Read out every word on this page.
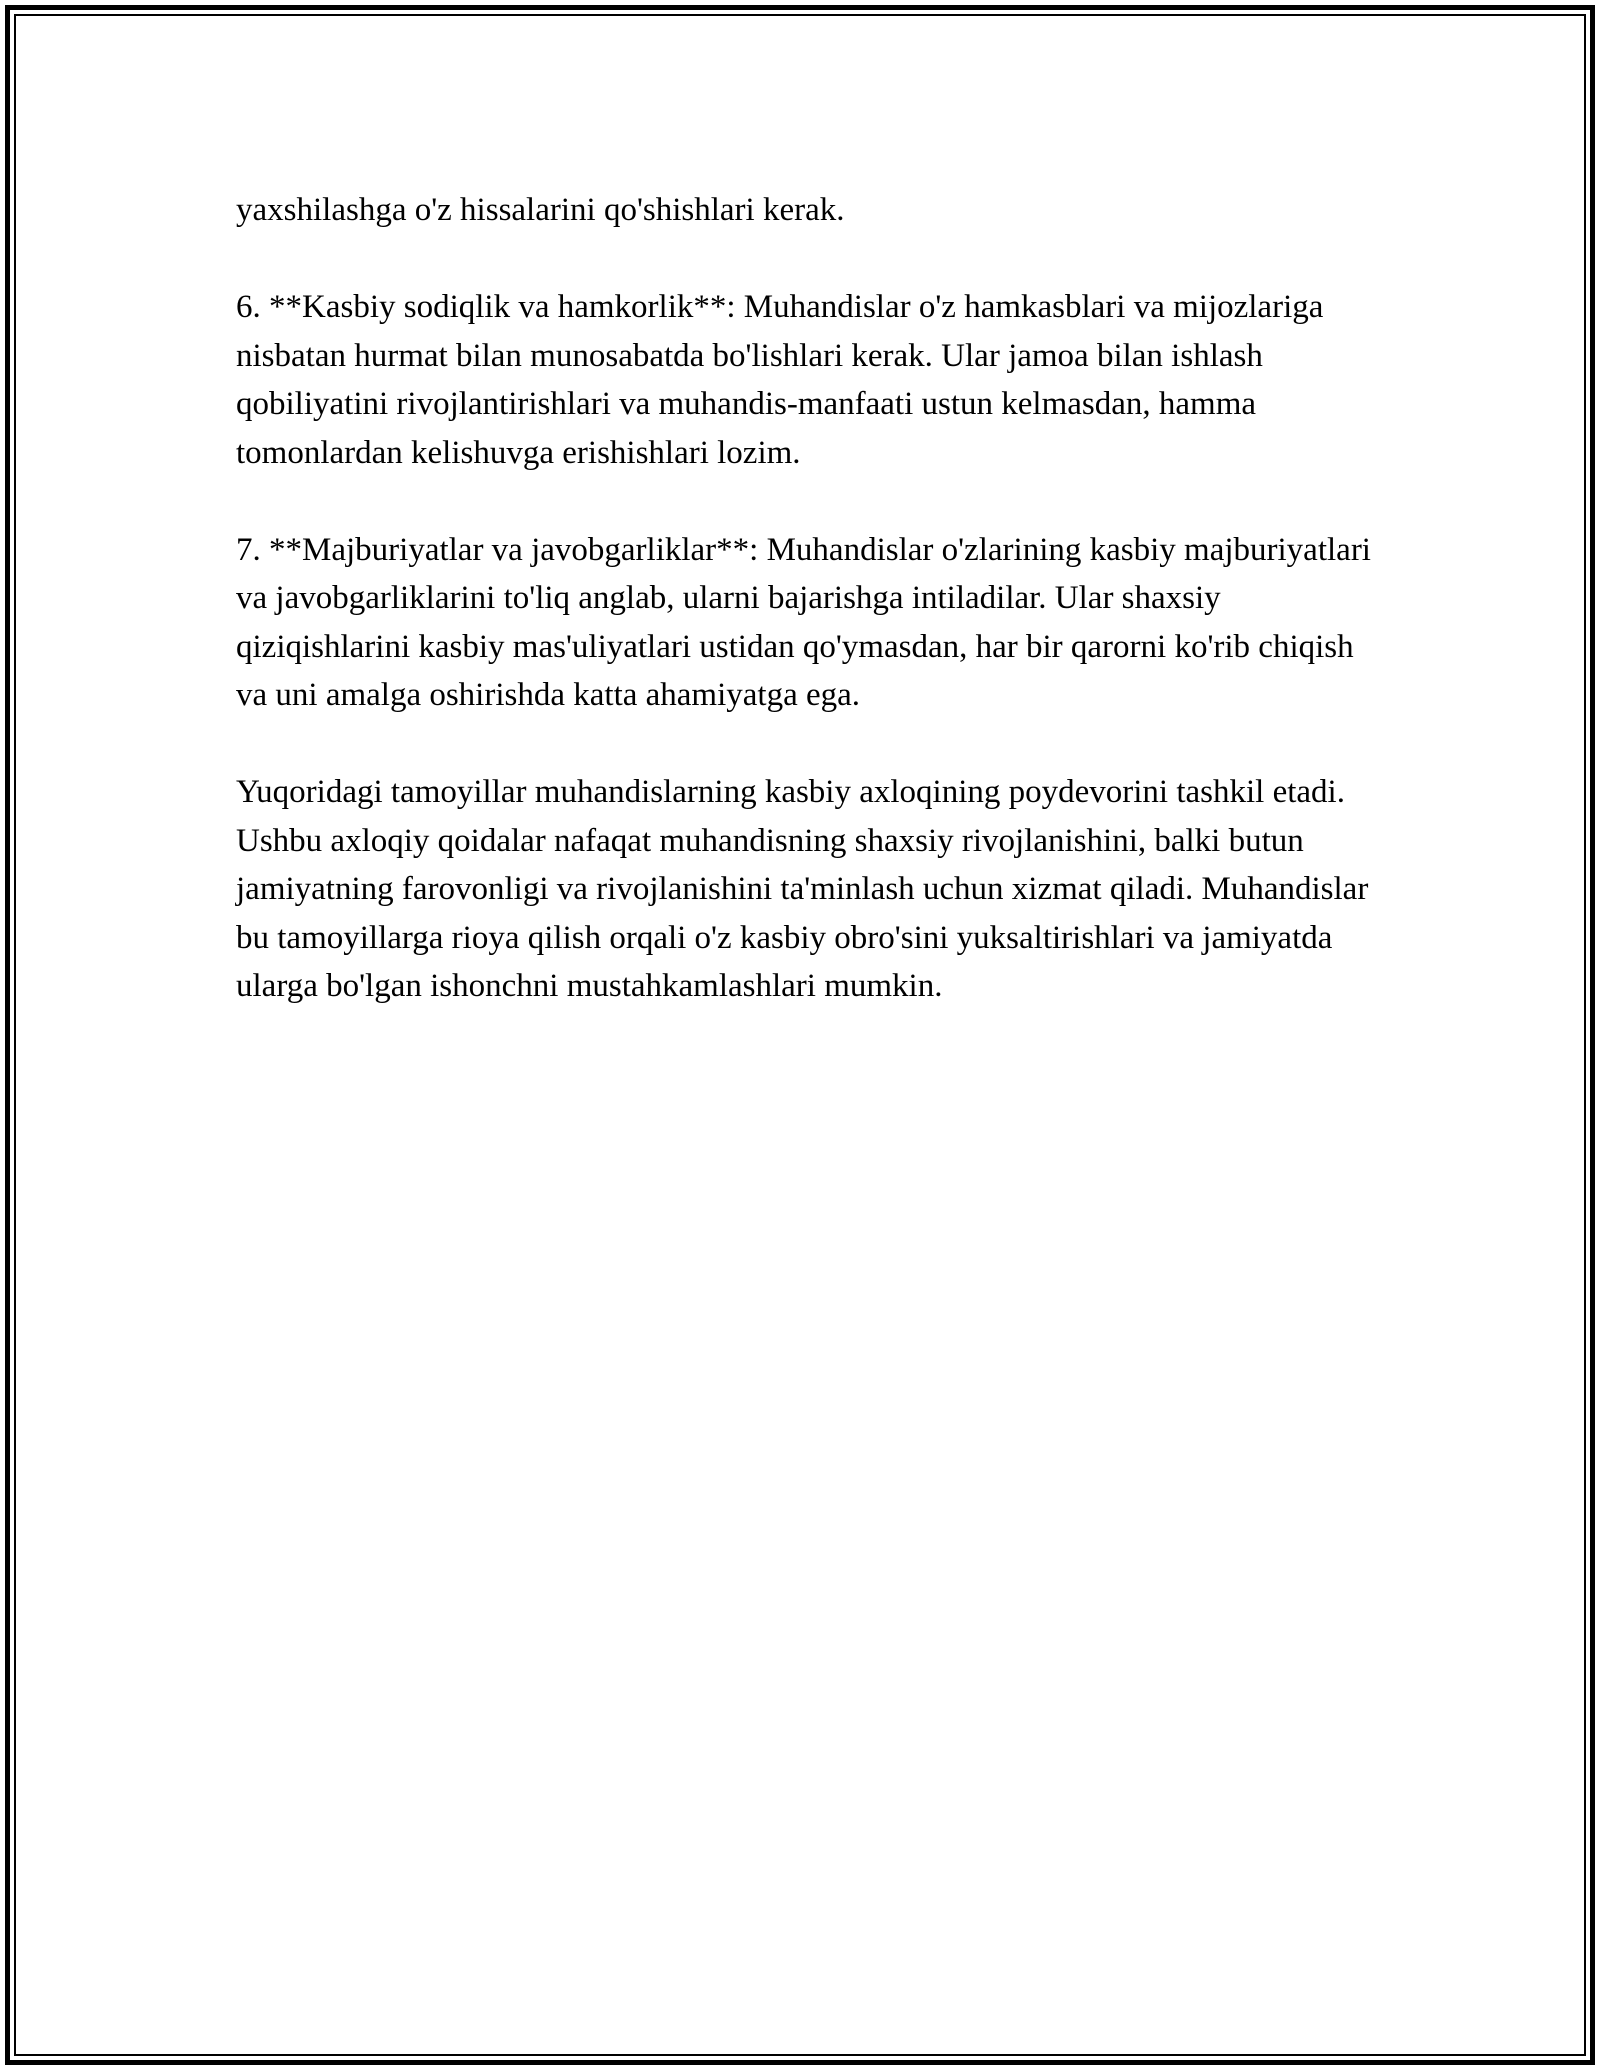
yaxshilashga o'z hissalarini qo'shishlari kerak.

6. **Kasbiy sodiqlik va hamkorlik**: Muhandislar o'z hamkasblari va mijozlariga nisbatan hurmat bilan munosabatda bo'lishlari kerak. Ular jamoa bilan ishlash qobiliyatini rivojlantirishlari va muhandis-manfaati ustun kelmasdan, hamma tomonlardan kelishuvga erishishlari lozim.

7. **Majburiyatlar va javobgarliklar**: Muhandislar o'zlarining kasbiy majburiyatlari va javobgarliklarini to'liq anglab, ularni bajarishga intiladilar. Ular shaxsiy qiziqishlarini kasbiy mas'uliyatlari ustidan qo'ymasdan, har bir qarorni ko'rib chiqish va uni amalga oshirishda katta ahamiyatga ega.

Yuqoridagi tamoyillar muhandislarning kasbiy axloqining poydevorini tashkil etadi. Ushbu axloqiy qoidalar nafaqat muhandisning shaxsiy rivojlanishini, balki butun jamiyatning farovonligi va rivojlanishini ta'minlash uchun xizmat qiladi. Muhandislar bu tamoyillarga rioya qilish orqali o'z kasbiy obro'sini yuksaltirishlari va jamiyatda ularga bo'lgan ishonchni mustahkamlashlari mumkin.
